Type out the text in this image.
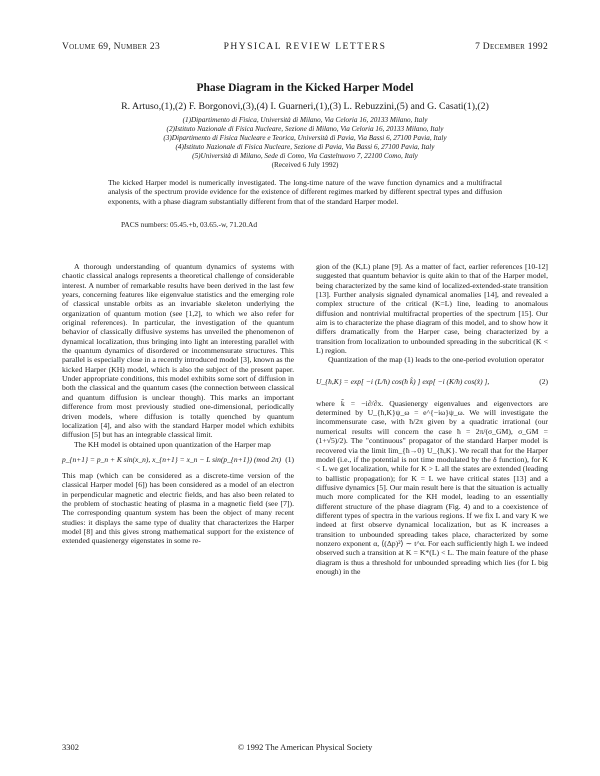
Volume 69, Number 23	PHYSICAL REVIEW LETTERS	7 December 1992
Phase Diagram in the Kicked Harper Model
R. Artuso,(1),(2) F. Borgonovi,(3),(4) I. Guarneri,(1),(3) L. Rebuzzini,(5) and G. Casati(1),(2)
(1)Dipartimento di Fisica, Università di Milano, Via Celoria 16, 20133 Milano, Italy
(2)Istituto Nazionale di Fisica Nucleare, Sezione di Milano, Via Celoria 16, 20133 Milano, Italy
(3)Dipartimento di Fisica Nucleare e Teorica, Università di Pavia, Via Bassi 6, 27100 Pavia, Italy
(4)Istituto Nazionale di Fisica Nucleare, Sezione di Pavia, Via Bassi 6, 27100 Pavia, Italy
(5)Università di Milano, Sede di Como, Via Castelnuovo 7, 22100 Como, Italy
(Received 6 July 1992)
The kicked Harper model is numerically investigated. The long-time nature of the wave function dynamics and a multifractal analysis of the spectrum provide evidence for the existence of different regimes marked by different spectral types and diffusion exponents, with a phase diagram substantially different from that of the standard Harper model.
PACS numbers: 05.45.+b, 03.65.-w, 71.20.Ad

A thorough understanding of quantum dynamics of systems with chaotic classical analogs represents a theoretical challenge of considerable interest. A number of remarkable results have been derived in the last few years, concerning features like eigenvalue statistics and the emerging role of classical unstable orbits as an invariable skeleton underlying the organization of quantum motion (see [1,2], to which we also refer for original references). In particular, the investigation of the quantum behavior of classically diffusive systems has unveiled the phenomenon of dynamical localization, thus bringing into light an interesting parallel with the quantum dynamics of disordered or incommensurate structures. This parallel is especially close in a recently introduced model [3], known as the kicked Harper (KH) model, which is also the subject of the present paper. Under appropriate conditions, this model exhibits some sort of diffusion in both the classical and the quantum cases (the connection between classical and quantum diffusion is unclear though). This marks an important difference from most previously studied one-dimensional, periodically driven models, where diffusion is totally quenched by quantum localization [4], and also with the standard Harper model which exhibits diffusion [5] but has an integrable classical limit.

The KH model is obtained upon quantization of the Harper map

p_{n+1} = p_n + K sin(x_n), x_{n+1} = x_n − L sin(p_{n+1}) (mod 2π) (1)

This map (which can be considered as a discrete-time version of the classical Harper model [6]) has been considered as a model of an electron in perpendicular magnetic and electric fields, and has also been related to the problem of stochastic heating of plasma in a magnetic field (see [7]). The corresponding quantum system has been the object of many recent studies: it displays the same type of duality that characterizes the Harper model [8] and this gives strong mathematical support for the existence of extended quasienergy eigenstates in some re-

gion of the (K,L) plane [9]. As a matter of fact, earlier references [10-12] suggested that quantum behavior is quite akin to that of the Harper model, being characterized by the same kind of localized-extended-state transition [13]. Further analysis signaled dynamical anomalies [14], and revealed a complex structure of the critical (K=L) line, leading to anomalous diffusion and nontrivial multifractal properties of the spectrum [15]. Our aim is to characterize the phase diagram of this model, and to show how it differs dramatically from the Harper case, being characterized by a transition from localization to unbounded spreading in the subcritical (K < L) region.

Quantization of the map (1) leads to the one-period evolution operator

U_{ħ,K} = exp[ −i (L/ħ) cos(ħ k̂) ] exp[ −i (K/ħ) cos(x̂) ],	(2)

where k̂ = −i∂/∂x. Quasienergy eigenvalues and eigenvectors are determined by U_{ħ,K}ψ_ω = e^{−iω}ψ_ω. We will investigate the incommensurate case, with ħ/2π given by a quadratic irrational (our numerical results will concern the case ħ = 2π/(σ_GM), σ_GM = (1+√5)/2). The "continuous" propagator of the standard Harper model is recovered via the limit lim_{ħ→0} U_{ħ,K}. We recall that for the Harper model (i.e., if the potential is not time modulated by the δ function), for K < L we get localization, while for K > L all the states are extended (leading to ballistic propagation); for K = L we have critical states [13] and a diffusive dynamics [5]. Our main result here is that the situation is actually much more complicated for the KH model, leading to an essentially different structure of the phase diagram (Fig. 4) and to a coexistence of different types of spectra in the various regions. If we fix L and vary K we indeed at first observe dynamical localization, but as K increases a transition to unbounded spreading takes place, characterized by some nonzero exponent α, ⟨(Δp)²⟩ ∼ t^α. For each sufficiently high L we indeed observed such a transition at K = K*(L) < L. The main feature of the phase diagram is thus a threshold for unbounded spreading which lies (for L big enough) in the

3302	© 1992 The American Physical Society
